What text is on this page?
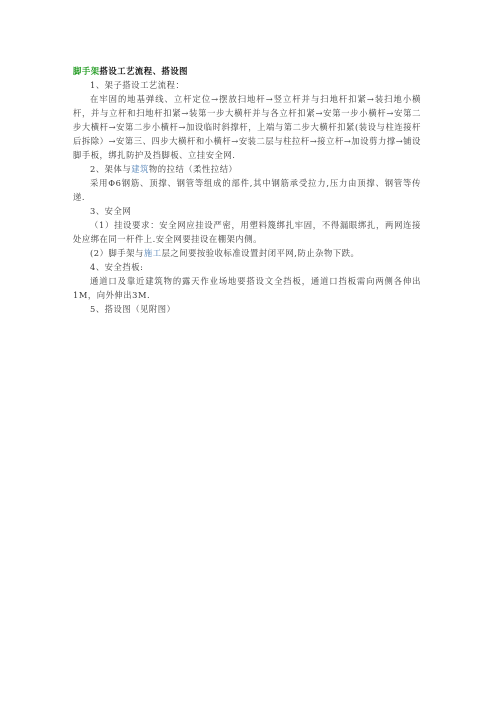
脚手架搭设工艺流程、搭设图

1、架子搭设工艺流程：

在牢固的地基弹线、立杆定位→摆放扫地杆→竖立杆并与扫地杆扣紧→装扫地小横杆，并与立杆和扫地杆扣紧→装第一步大横杆并与各立杆扣紧→安第一步小横杆→安第二步大横杆→安第二步小横杆→加设临时斜撑杆，上端与第二步大横杆扣紧(装设与柱连接杆后拆除）→安第三、四步大横杆和小横杆→安装二层与柱拉杆→接立杆→加设剪力撑→铺设脚手板，绑扎防护及挡脚板、立挂安全网.

2、架体与建筑物的拉结（柔性拉结）

采用Φ6钢筋、顶撑、钢管等组成的部件,其中钢筋承受拉力,压力由顶撑、钢管等传递.

3、安全网

（1）挂设要求：安全网应挂设严密，用塑料篾绑扎牢固，不得漏眼绑扎，两网连接处应绑在同一杆件上.安全网要挂设在棚架内侧。

(2）脚手架与施工层之间要按验收标准设置封闭平网,防止杂物下跌。

4、安全挡板:

通道口及靠近建筑物的露天作业场地要搭设文全挡板，通道口挡板需向两侧各伸出1M，向外伸出3M.

5、搭设图（见附图）
